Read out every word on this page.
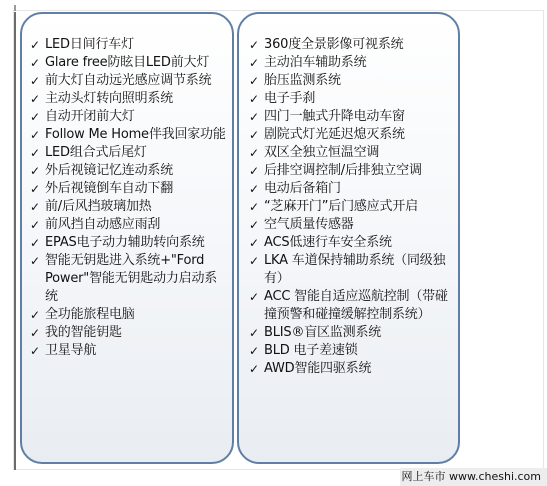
✓ LED日间行车灯
✓ Glare free防眩目LED前大灯
✓ 前大灯自动远光感应调节系统
✓ 主动头灯转向照明系统
✓ 自动开闭前大灯
✓ Follow Me Home伴我回家功能
✓ LED组合式后尾灯
✓ 外后视镜记忆连动系统
✓ 外后视镜倒车自动下翻
✓ 前/后风挡玻璃加热
✓ 前风挡自动感应雨刮
✓ EPAS电子动力辅助转向系统
✓ 智能无钥匙进入系统+"Ford Power"智能无钥匙动力启动系统
✓ 全功能旅程电脑
✓ 我的智能钥匙
✓ 卫星导航
✓ 360度全景影像可视系统
✓ 主动泊车辅助系统
✓ 胎压监测系统
✓ 电子手刹
✓ 四门一触式升降电动车窗
✓ 剧院式灯光延迟熄灭系统
✓ 双区全独立恒温空调
✓ 后排空调控制/后排独立空调
✓ 电动后备箱门
✓ “芝麻开门”后门感应式开启
✓ 空气质量传感器
✓ ACS低速行车安全系统
✓ LKA 车道保持辅助系统（同级独有）
✓ ACC 智能自适应巡航控制（带碰撞预警和碰撞缓解控制系统）
✓ BLIS®盲区监测系统
✓ BLD 电子差速锁
✓ AWD智能四驱系统
网上车市 www.cheshi.com
